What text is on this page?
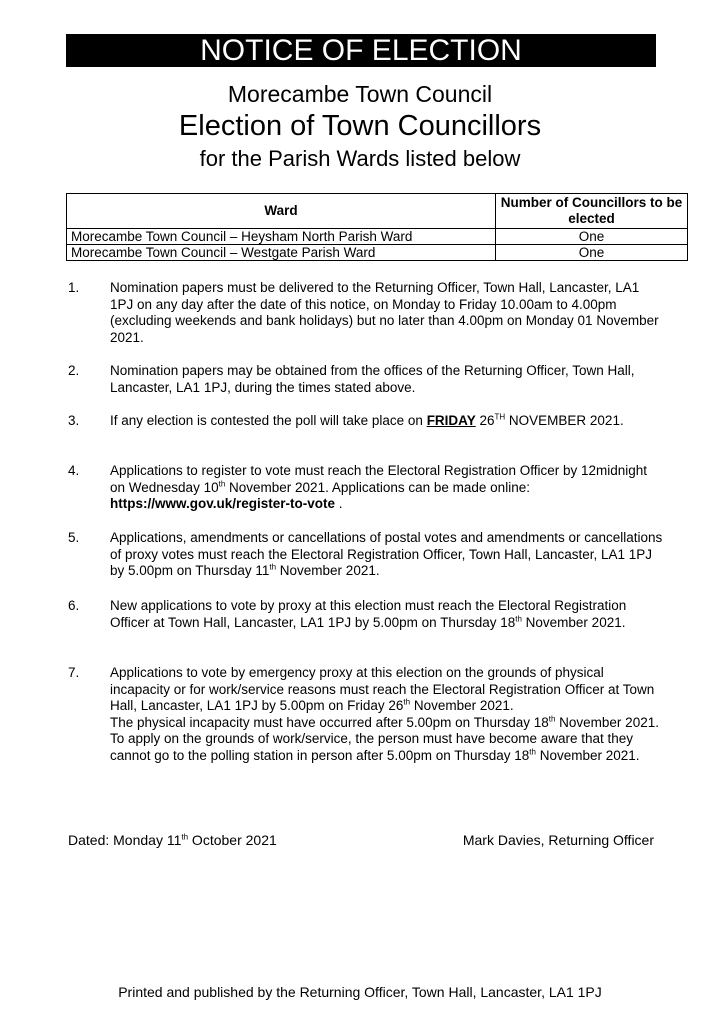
NOTICE OF ELECTION
Morecambe Town Council
Election of Town Councillors
for the Parish Wards listed below
Ward	Number of Councillors to be elected
Morecambe Town Council – Heysham North Parish Ward	One
Morecambe Town Council – Westgate Parish Ward	One
1. Nomination papers must be delivered to the Returning Officer, Town Hall, Lancaster, LA1 1PJ on any day after the date of this notice, on Monday to Friday 10.00am to 4.00pm (excluding weekends and bank holidays) but no later than 4.00pm on Monday 01 November 2021.
2. Nomination papers may be obtained from the offices of the Returning Officer, Town Hall, Lancaster, LA1 1PJ, during the times stated above.
3. If any election is contested the poll will take place on FRIDAY 26TH NOVEMBER 2021.
4. Applications to register to vote must reach the Electoral Registration Officer by 12midnight on Wednesday 10th November 2021. Applications can be made online: https://www.gov.uk/register-to-vote .
5. Applications, amendments or cancellations of postal votes and amendments or cancellations of proxy votes must reach the Electoral Registration Officer, Town Hall, Lancaster, LA1 1PJ by 5.00pm on Thursday 11th November 2021.
6. New applications to vote by proxy at this election must reach the Electoral Registration Officer at Town Hall, Lancaster, LA1 1PJ by 5.00pm on Thursday 18th November 2021.
7. Applications to vote by emergency proxy at this election on the grounds of physical incapacity or for work/service reasons must reach the Electoral Registration Officer at Town Hall, Lancaster, LA1 1PJ by 5.00pm on Friday 26th November 2021.
The physical incapacity must have occurred after 5.00pm on Thursday 18th November 2021. To apply on the grounds of work/service, the person must have become aware that they cannot go to the polling station in person after 5.00pm on Thursday 18th November 2021.
Dated: Monday 11th October 2021	Mark Davies, Returning Officer
Printed and published by the Returning Officer, Town Hall, Lancaster, LA1 1PJ
